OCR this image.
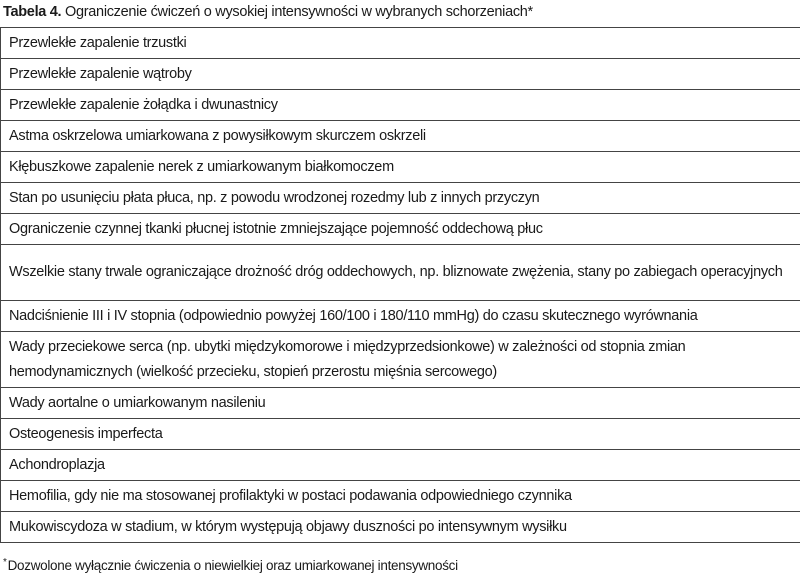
Tabela 4. Ograniczenie ćwiczeń o wysokiej intensywności w wybranych schorzeniach*
Przewlekłe zapalenie trzustki
Przewlekłe zapalenie wątroby
Przewlekłe zapalenie żołądka i dwunastnicy
Astma oskrzelowa umiarkowana z powysiłkowym skurczem oskrzeli
Kłębuszkowe zapalenie nerek z umiarkowanym białkomoczem
Stan po usunięciu płata płuca, np. z powodu wrodzonej rozedmy lub z innych przyczyn
Ograniczenie czynnej tkanki płucnej istotnie zmniejszające pojemność oddechową płuc
Wszelkie stany trwale ograniczające drożność dróg oddechowych, np. bliznowate zwężenia, stany po zabiegach operacyjnych
Nadciśnienie III i IV stopnia (odpowiednio powyżej 160/100 i 180/110 mmHg) do czasu skutecznego wyrównania
Wady przeciekowe serca (np. ubytki międzykomorowe i międzyprzedsionkowe) w zależności od stopnia zmian hemodynamicznych (wielkość przecieku, stopień przerostu mięśnia sercowego)
Wady aortalne o umiarkowanym nasileniu
Osteogenesis imperfecta
Achondroplazja
Hemofilia, gdy nie ma stosowanej profilaktyki w postaci podawania odpowiedniego czynnika
Mukowiscydoza w stadium, w którym występują objawy duszności po intensywnym wysiłku
*Dozwolone wyłącznie ćwiczenia o niewielkiej oraz umiarkowanej intensywności
